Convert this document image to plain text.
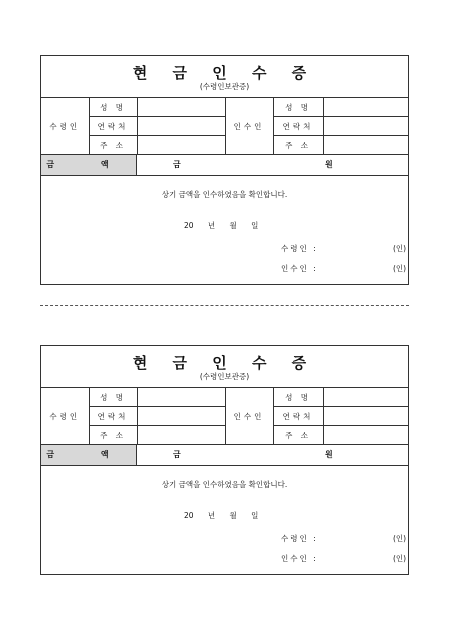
현 금 인 수 증
(수령인보관증)
수령인	성 명		인수인	성 명	
	연락처			연락처	
	주 소			주 소	
금 액	금	원
상기 금액을 인수하였음을 확인합니다.
20 년 월 일
수령인 :	(인)
인수인 :	(인)
현 금 인 수 증
(수령인보관증)
수령인	성 명		인수인	성 명	
	연락처			연락처	
	주 소			주 소	
금 액	금	원
상기 금액을 인수하였음을 확인합니다.
20 년 월 일
수령인 :	(인)
인수인 :	(인)
